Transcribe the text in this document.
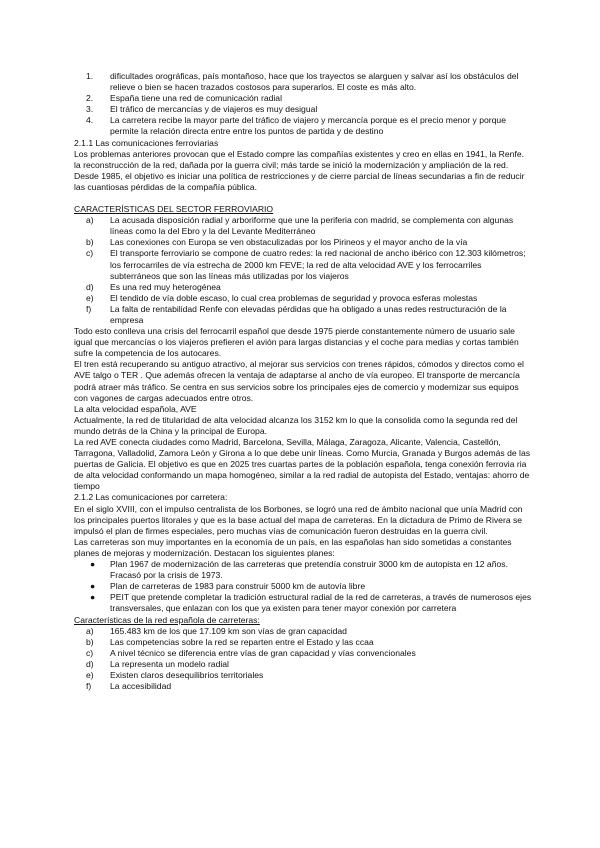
1.	dificultades orográficas, país montañoso, hace que los trayectos se alarguen y salvar así los obstáculos del relieve o bien se hacen trazados costosos para superarlos. El coste es más alto.
2.	España tiene una red de comunicación radial
3.	El tráfico de mercancías y de viajeros es muy desigual
4.	La carretera recibe la mayor parte del tráfico de viajero y mercancía porque es el precio menor y porque permite la relación directa entre entre los puntos de partida y de destino

2.1.1 Las comunicaciones ferroviarias

Los problemas anteriores provocan que el Estado compre las compañías existentes y creo en ellas en 1941, la Renfe. la reconstrucción de la red, dañada por la guerra civil; más tarde se inició la modernización y ampliación de la red. Desde 1985, el objetivo es iniciar una política de restricciones y de cierre parcial de líneas secundarias a fin de reducir las cuantiosas pérdidas de la compañía pública.

CARACTERÍSTICAS DEL SECTOR FERROVIARIO

a)	La acusada disposición radial y arboriforme que une la periferia con madrid, se complementa con algunas líneas como la del Ebro y la del Levante Mediterráneo
b)	Las conexiones con Europa se ven obstaculizadas por los Pirineos y el mayor ancho de la vía
c)	El transporte ferroviario se compone de cuatro redes: la red nacional de ancho ibérico con 12.303 kilómetros; los ferrocarriles de vía estrecha de 2000 km FEVE; la red de alta velocidad AVE y los ferrocarriles subterráneos que son las líneas más utilizadas por los viajeros
d)	Es una red muy heterogénea
e)	El tendido de vía doble escaso, lo cual crea problemas de seguridad y provoca esferas molestas
f)	La falta de rentabilidad Renfe con elevadas pérdidas que ha obligado a unas redes restructuración de la empresa

Todo esto conlleva una crisis del ferrocarril español que desde 1975 pierde constantemente número de usuario sale igual que mercancías o los viajeros prefieren el avión para largas distancias y el coche para medias y cortas también sufre la competencia de los autocares.

El tren está recuperando su antiguo atractivo, al mejorar sus servicios con trenes rápidos, cómodos y directos como el AVE talgo o TER . Que además ofrecen la ventaja de adaptarse al ancho de vía europeo. El transporte de mercancía podrá atraer más tráfico. Se centra en sus servicios sobre los principales ejes de comercio y modernizar sus equipos con vagones de cargas adecuados entre otros.

La alta velocidad española, AVE

Actualmente, la red de titularidad de alta velocidad alcanza los 3152 km lo que la consolida como la segunda red del mundo detrás de la China y la principal de Europa.

La red AVE conecta ciudades como Madrid, Barcelona, Sevilla, Málaga, Zaragoza, Alicante, Valencia, Castellón, Tarragona, Valladolid, Zamora León y Girona a lo que debe unir líneas. Como Murcia, Granada y Burgos además de las puertas de Galicia. El objetivo es que en 2025 tres cuartas partes de la población española, tenga conexión ferrovia ria de alta velocidad conformando un mapa homogéneo, similar a la red radial de autopista del Estado, ventajas: ahorro de tiempo

2.1.2 Las comunicaciones por carretera:

En el siglo XVIII, con el impulso centralista de los Borbones, se logró una red de ámbito nacional que unía Madrid con los principales puertos litorales y que es la base actual del mapa de carreteras. En la dictadura de Primo de Rivera se impulsó el plan de firmes especiales, pero muchas vías de comunicación fueron destruidas en la guerra civil.

Las carreteras son muy importantes en la economía de un país, en las españolas han sido sometidas a constantes planes de mejoras y modernización. Destacan los siguientes planes:

●	Plan 1967 de modernización de las carreteras que pretendía construir 3000 km de autopista en 12 años. Fracasó por la crisis de 1973.
●	Plan de carreteras de 1983 para construir 5000 km de autovía libre
●	PEIT que pretende completar la tradición estructural radial de la red de carreteras, a través de numerosos ejes transversales, que enlazan con los que ya existen para tener mayor conexión por carretera

Características de la red española de carreteras:

a)	165.483 km de los que 17.109 km son vías de gran capacidad
b)	Las competencias sobre la red se reparten entre el Estado y las ccaa
c)	A nivel técnico se diferencia entre vías de gran capacidad y vías convencionales
d)	La representa un modelo radial
e)	Existen claros desequilibrios territoriales
f)	La accesibilidad
